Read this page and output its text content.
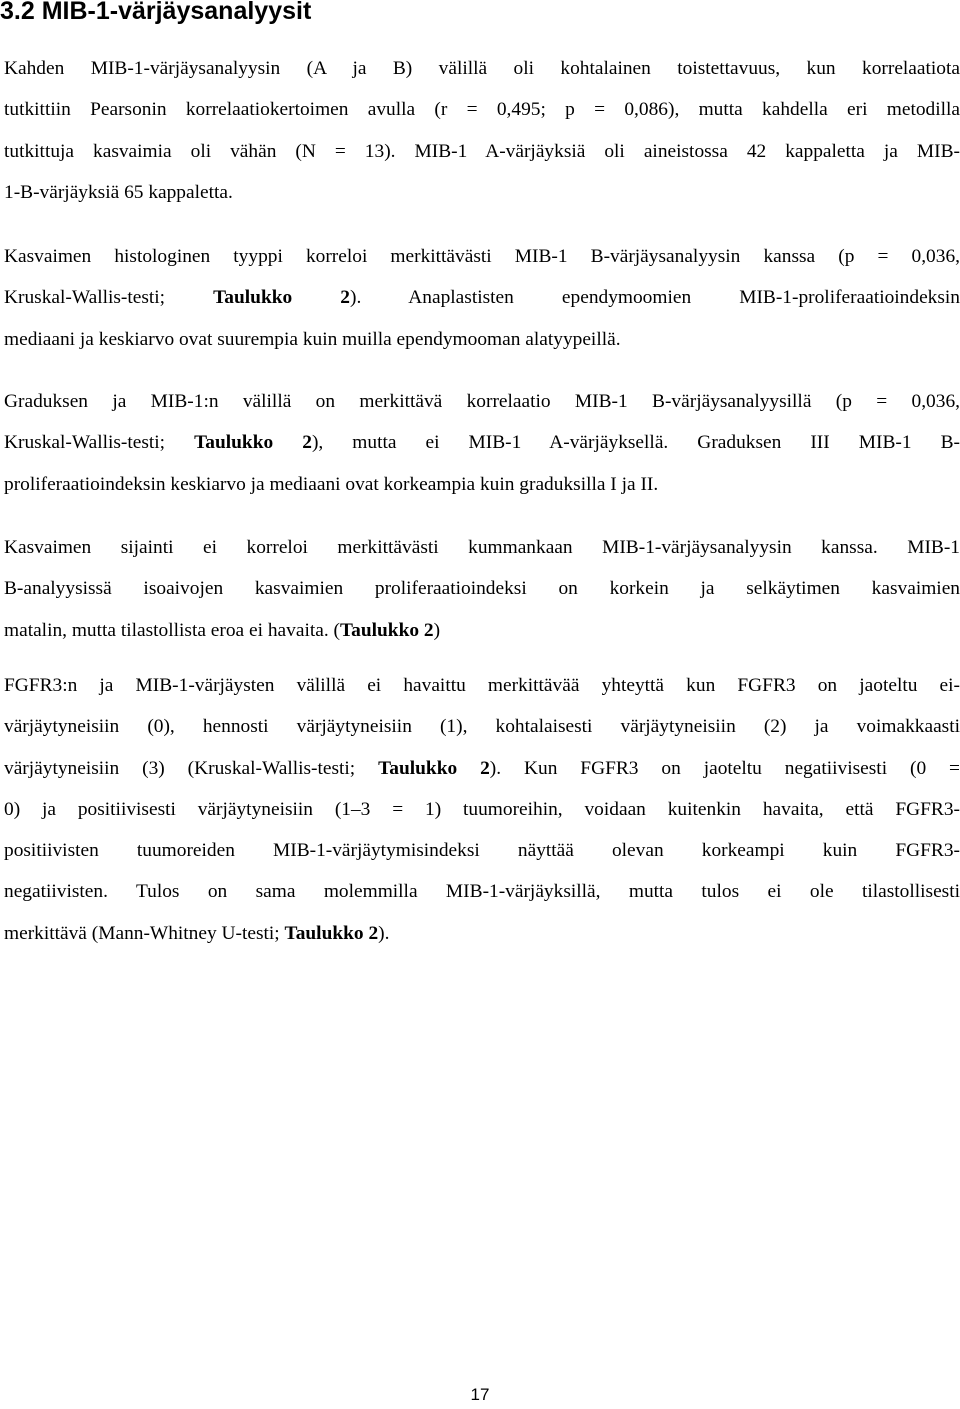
3.2 MIB-1-värjäysanalyysit

Kahden MIB-1-värjäysanalyysin (A ja B) välillä oli kohtalainen toistettavuus, kun korrelaatiota
tutkittiin Pearsonin korrelaatiokertoimen avulla (r = 0,495; p = 0,086), mutta kahdella eri metodilla
tutkittuja kasvaimia oli vähän (N = 13). MIB-1 A-värjäyksiä oli aineistossa 42 kappaletta ja MIB-
1-B-värjäyksiä 65 kappaletta.

Kasvaimen histologinen tyyppi korreloi merkittävästi MIB-1 B-värjäysanalyysin kanssa (p = 0,036,
Kruskal-Wallis-testi; Taulukko 2). Anaplastisten ependymoomien MIB-1-proliferaatioindeksin
mediaani ja keskiarvo ovat suurempia kuin muilla ependymooman alatyypeillä.

Graduksen ja MIB-1:n välillä on merkittävä korrelaatio MIB-1 B-värjäysanalyysillä (p = 0,036,
Kruskal-Wallis-testi; Taulukko 2), mutta ei MIB-1 A-värjäyksellä. Graduksen III MIB-1 B-
proliferaatioindeksin keskiarvo ja mediaani ovat korkeampia kuin graduksilla I ja II.

Kasvaimen sijainti ei korreloi merkittävästi kummankaan MIB-1-värjäysanalyysin kanssa. MIB-1
B-analyysissä isoaivojen kasvaimien proliferaatioindeksi on korkein ja selkäytimen kasvaimien
matalin, mutta tilastollista eroa ei havaita. (Taulukko 2)

FGFR3:n ja MIB-1-värjäysten välillä ei havaittu merkittävää yhteyttä kun FGFR3 on jaoteltu ei-
värjäytyneisiin (0), hennosti värjäytyneisiin (1), kohtalaisesti värjäytyneisiin (2) ja voimakkaasti
värjäytyneisiin (3) (Kruskal-Wallis-testi; Taulukko 2). Kun FGFR3 on jaoteltu negatiivisesti (0 =
0) ja positiivisesti värjäytyneisiin (1–3 = 1) tuumoreihin, voidaan kuitenkin havaita, että FGFR3-
positiivisten tuumoreiden MIB-1-värjäytymisindeksi näyttää olevan korkeampi kuin FGFR3-
negatiivisten. Tulos on sama molemmilla MIB-1-värjäyksillä, mutta tulos ei ole tilastollisesti
merkittävä (Mann-Whitney U-testi; Taulukko 2).

17
